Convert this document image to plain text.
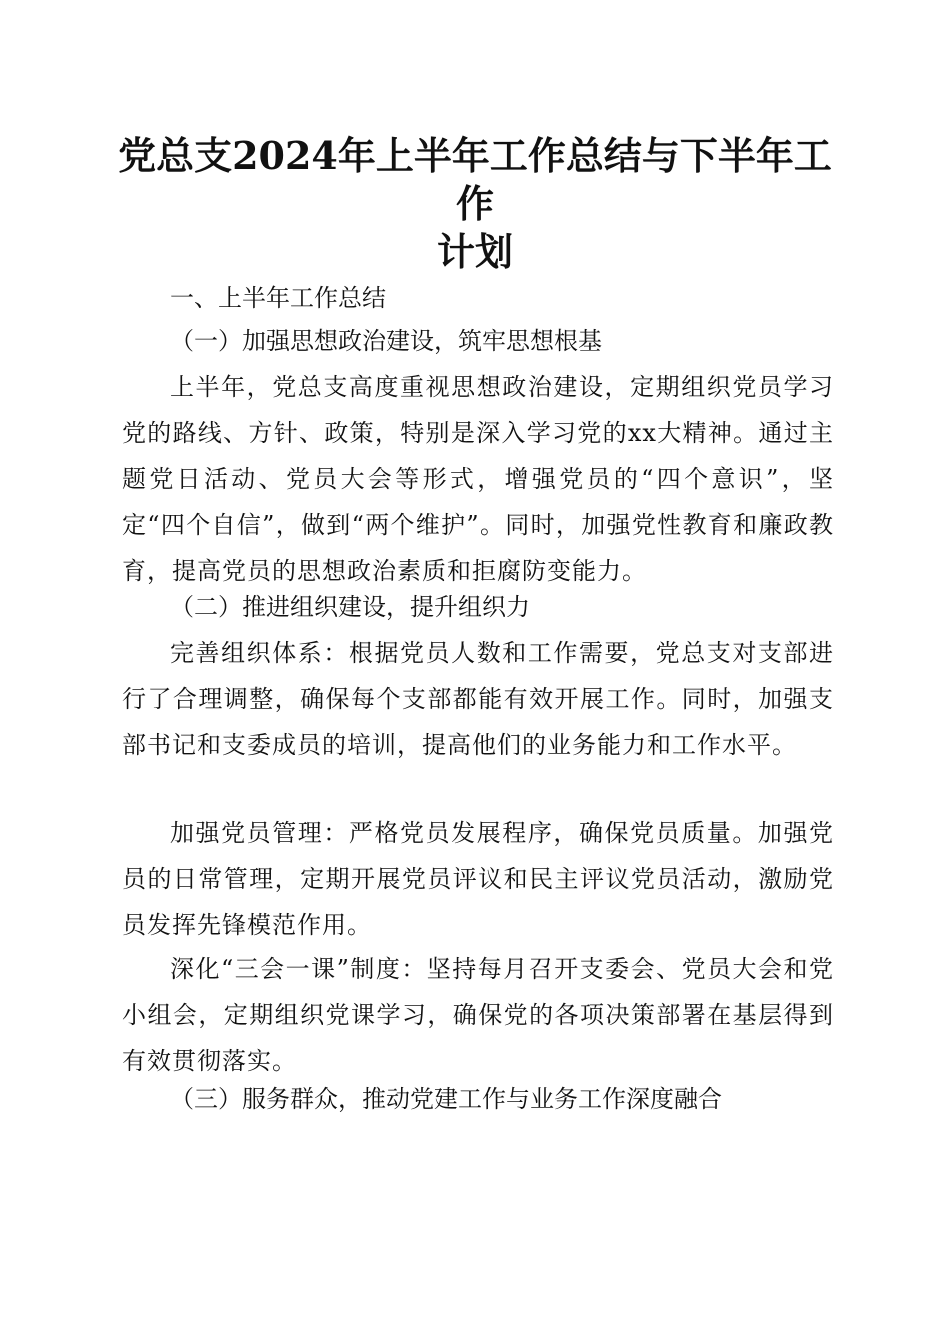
党总支2024年上半年工作总结与下半年工作
计划
一、上半年工作总结
（一）加强思想政治建设，筑牢思想根基
上半年，党总支高度重视思想政治建设，定期组织党员学习党的路线、方针、政策，特别是深入学习党的xx大精神。通过主题党日活动、党员大会等形式，增强党员的“四个意识”，坚定“四个自信”，做到“两个维护”。同时，加强党性教育和廉政教育，提高党员的思想政治素质和拒腐防变能力。
（二）推进组织建设，提升组织力
完善组织体系：根据党员人数和工作需要，党总支对支部进行了合理调整，确保每个支部都能有效开展工作。同时，加强支部书记和支委成员的培训，提高他们的业务能力和工作水平。
加强党员管理：严格党员发展程序，确保党员质量。加强党员的日常管理，定期开展党员评议和民主评议党员活动，激励党员发挥先锋模范作用。
深化“三会一课”制度：坚持每月召开支委会、党员大会和党小组会，定期组织党课学习，确保党的各项决策部署在基层得到有效贯彻落实。
（三）服务群众，推动党建工作与业务工作深度融合
